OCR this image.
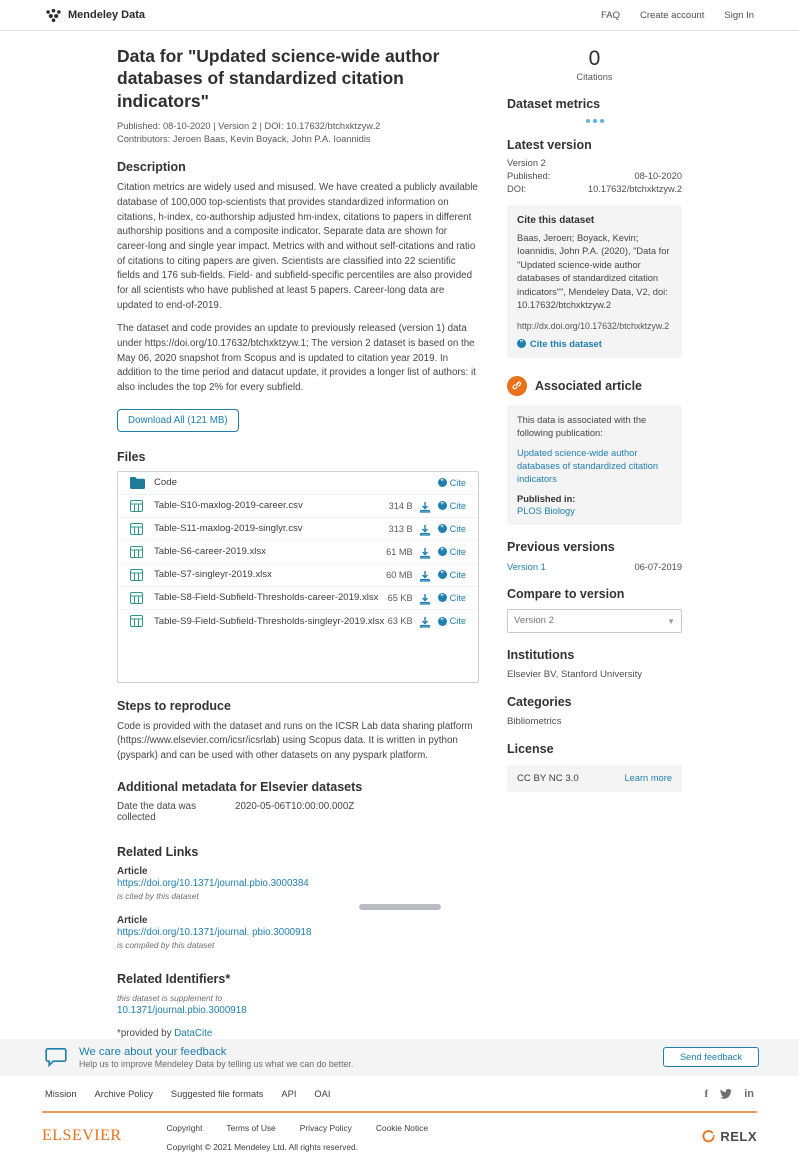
Mendeley Data	FAQ Create account Sign In
Data for "Updated science-wide author databases of standardized citation indicators"
Published: 08-10-2020 | Version 2 | DOI: 10.17632/btchxktzyw.2
Contributors: Jeroen Baas, Kevin Boyack, John P.A. Ioannidis
Description

Citation metrics are widely used and misused. We have created a publicly available database of 100,000 top-scientists that provides standardized information on citations, h-index, co-authorship adjusted hm-index, citations to papers in different authorship positions and a composite indicator. Separate data are shown for career-long and single year impact. Metrics with and without self-citations and ratio of citations to citing papers are given. Scientists are classified into 22 scientific fields and 176 sub-fields. Field- and subfield-specific percentiles are also provided for all scientists who have published at least 5 papers. Career-long data are updated to end-of-2019.

The dataset and code provides an update to previously released (version 1) data under https://doi.org/10.17632/btchxktzyw.1; The version 2 dataset is based on the May 06, 2020 snapshot from Scopus and is updated to citation year 2019. In addition to the time period and datacut update, it provides a longer list of authors: it also includes the top 2% for every subfield.

Download All (121 MB)
Files
Code	” Cite
Table-S10-maxlog-2019-career.csv	314 B	” Cite
Table-S11-maxlog-2019-singlyr.csv	313 B	” Cite
Table-S6-career-2019.xlsx	61 MB	” Cite
Table-S7-singleyr-2019.xlsx	60 MB	” Cite
Table-S8-Field-Subfield-Thresholds-career-2019.xlsx 65 KB	” Cite
Table-S9-Field-Subfield-Thresholds-singleyr-2019.xlsx 63 KB	” Cite
Steps to reproduce

Code is provided with the dataset and runs on the ICSR Lab data sharing platform (https://www.elsevier.com/icsr/icsrlab) using Scopus data. It is written in python (pyspark) and can be used with other datasets on any pyspark platform.

Additional metadata for Elsevier datasets
Date the data was collected
2020-05-06T10:00:00.000Z
Related Links
Article
https://doi.org/10.1371/journal.pbio.3000384
is cited by this dataset
Article
https://doi.org/10.1371/journal. pbio.3000918
is compiled by this dataset
Related Identifiers*
this dataset is supplement to
10.1371/journal.pbio.3000918
*provided by DataCite
0
Citations
Dataset metrics
Latest version
Version 2
Published:	08-10-2020
DOI:	10.17632/btchxktzyw.2
Cite this dataset
Baas, Jeroen; Boyack, Kevin; Ioannidis, John P.A. (2020), "Data for "Updated science-wide author databases of standardized citation indicators"", Mendeley Data, V2, doi: 10.17632/btchxktzyw.2
http://dx.doi.org/10.17632/btchxktzyw.2
” Cite this dataset
Associated article
This data is associated with the following publication:
Updated science-wide author databases of standardized citation indicators
Published in:
PLOS Biology
Previous versions
Version 1	06-07-2019
Compare to version
Version 2
▼
Institutions
Elsevier BV, Stanford University
Categories
Bibliometrics
License
CC BY NC 3.0	Learn more
We care about your feedback
Help us to improve Mendeley Data by telling us what we can do better.
Send feedback
Mission Archive Policy Suggested file formats API OAI	f	in
ELSEVIER	Copyright	Terms of Use	Privacy Policy	Cookie Notice
Copyright © 2021 Mendeley Ltd. All rights reserved.
RELX
